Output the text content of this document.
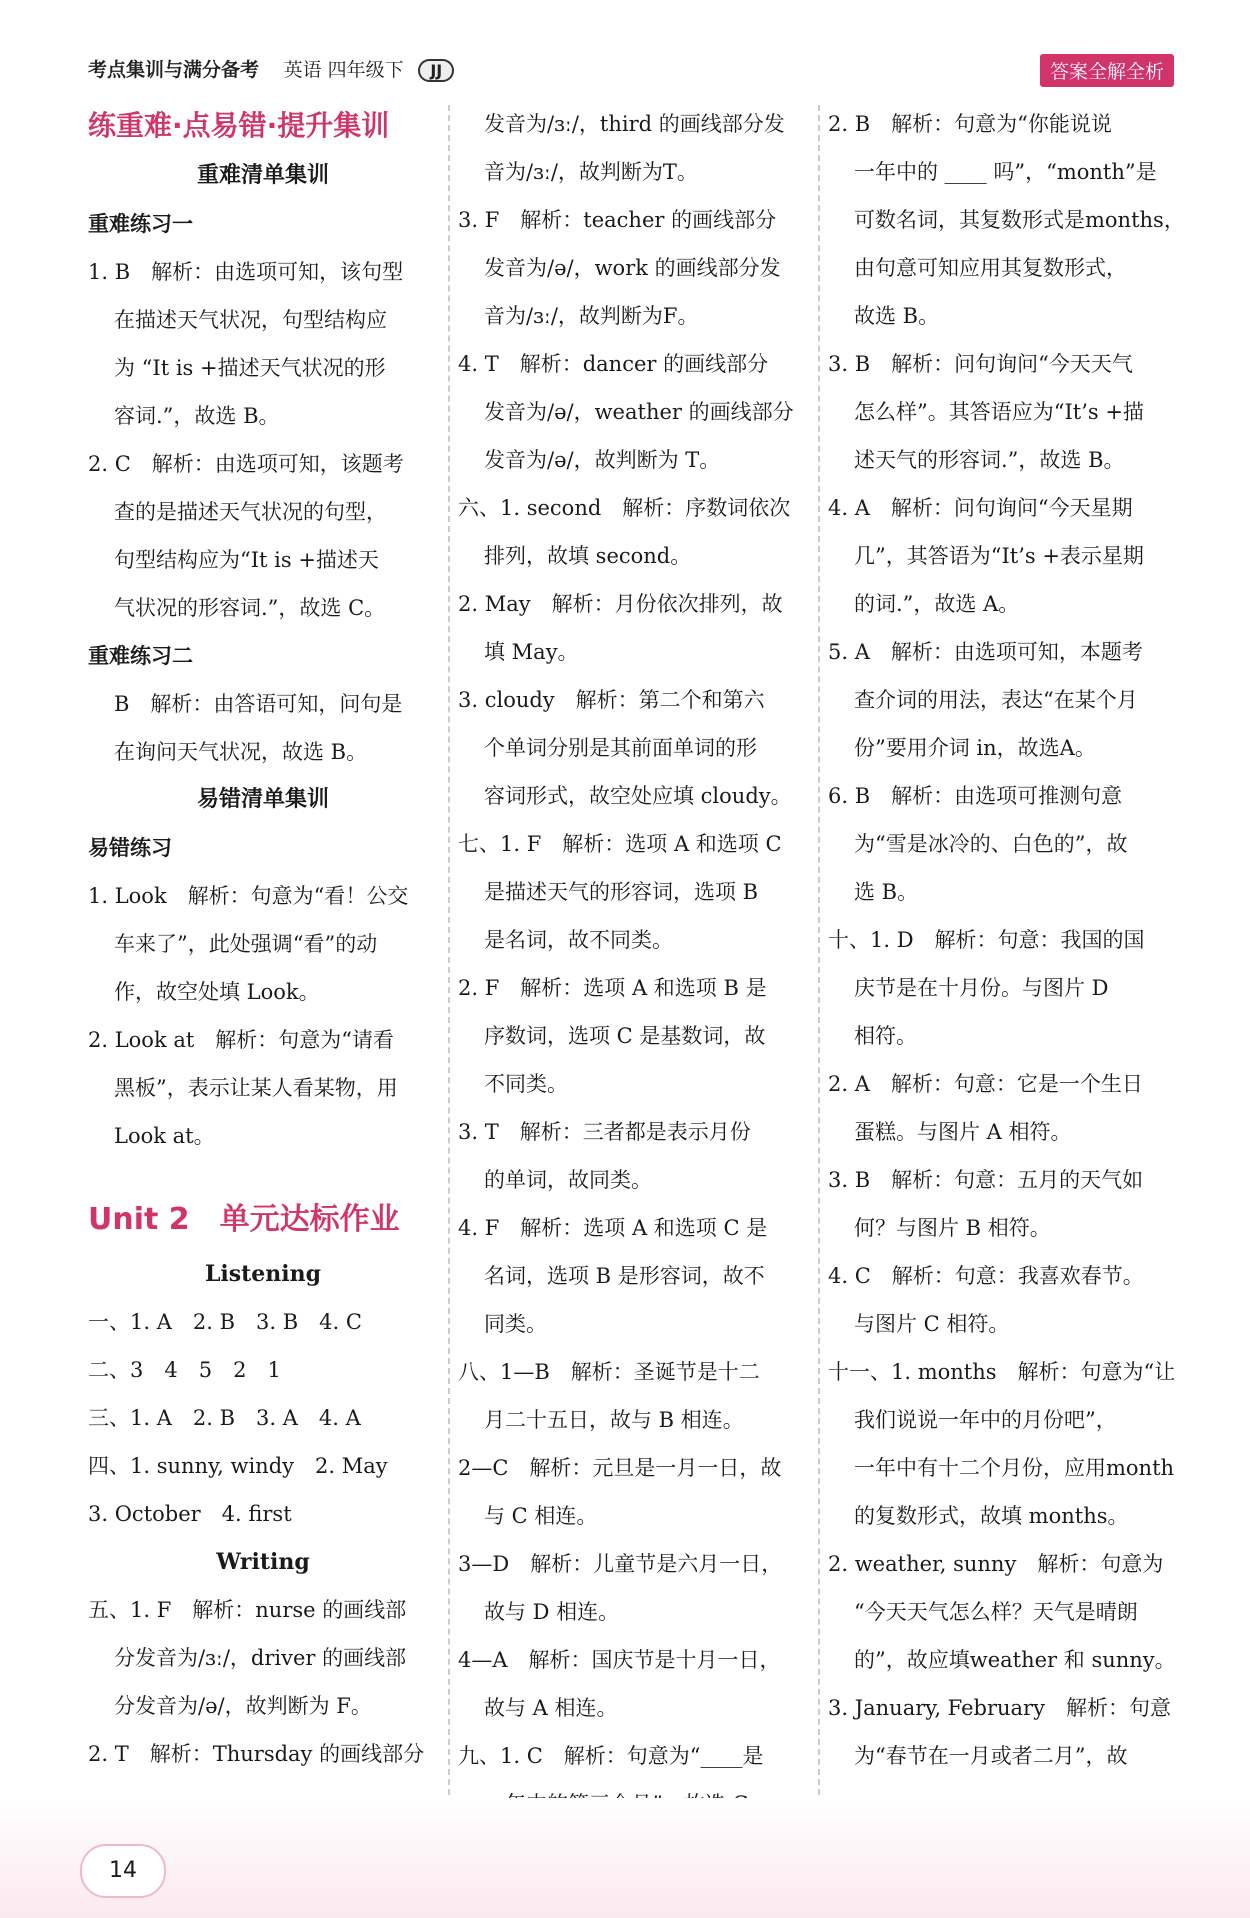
考点集训与满分备考 英语 四年级下 JJ	答案全解全析
练重难·点易错·提升集训
重难清单集训
重难练习一
1. B　解析：由选项可知，该句型
在描述天气状况，句型结构应
为 “It is +描述天气状况的形
容词.”，故选 B。
2. C　解析：由选项可知，该题考
查的是描述天气状况的句型，
句型结构应为“It is +描述天
气状况的形容词.”，故选 C。
重难练习二
B　解析：由答语可知，问句是
在询问天气状况，故选 B。
易错清单集训
易错练习
1. Look　解析：句意为“看！公交
车来了”，此处强调“看”的动
作，故空处填 Look。
2. Look at　解析：句意为“请看
黑板”，表示让某人看某物，用
Look at。
Unit 2　单元达标作业
Listening
一、1. A　2. B　3. B　4. C
二、3　4　5　2　1
三、1. A　2. B　3. A　4. A
四、1. sunny, windy　2. May
3. October　4. first
Writing
五、1. F　解析：nurse 的画线部
分发音为/ɜː/，driver 的画线部
分发音为/ə/，故判断为 F。
2. T　解析：Thursday 的画线部分
发音为/ɜː/，third 的画线部分发
音为/ɜː/，故判断为T。
3. F　解析：teacher 的画线部分
发音为/ə/，work 的画线部分发
音为/ɜː/，故判断为F。
4. T　解析：dancer 的画线部分
发音为/ə/，weather 的画线部分
发音为/ə/，故判断为 T。
六、1. second　解析：序数词依次
排列，故填 second。
2. May　解析：月份依次排列，故
填 May。
3. cloudy　解析：第二个和第六
个单词分别是其前面单词的形
容词形式，故空处应填 cloudy。
七、1. F　解析：选项 A 和选项 C
是描述天气的形容词，选项 B
是名词，故不同类。
2. F　解析：选项 A 和选项 B 是
序数词，选项 C 是基数词，故
不同类。
3. T　解析：三者都是表示月份
的单词，故同类。
4. F　解析：选项 A 和选项 C 是
名词，选项 B 是形容词，故不
同类。
八、1—B　解析：圣诞节是十二
月二十五日，故与 B 相连。
2—C　解析：元旦是一月一日，故
与 C 相连。
3—D　解析：儿童节是六月一日，
故与 D 相连。
4—A　解析：国庆节是十月一日，
故与 A 相连。
九、1. C　解析：句意为“____是
2. B　解析：句意为“你能说说
一年中的 ____ 吗”，“month”是
可数名词，其复数形式是months，
由句意可知应用其复数形式，
故选 B。
3. B　解析：问句询问“今天天气
怎么样”。其答语应为“It’s +描
述天气的形容词.”，故选 B。
4. A　解析：问句询问“今天星期
几”，其答语为“It’s +表示星期
的词.”，故选 A。
5. A　解析：由选项可知，本题考
查介词的用法，表达“在某个月
份”要用介词 in，故选A。
6. B　解析：由选项可推测句意
为“雪是冰冷的、白色的”，故
选 B。
十、1. D　解析：句意：我国的国
庆节是在十月份。与图片 D
相符。
2. A　解析：句意：它是一个生日
蛋糕。与图片 A 相符。
3. B　解析：句意：五月的天气如
何？与图片 B 相符。
4. C　解析：句意：我喜欢春节。
与图片 C 相符。
十一、1. months　解析：句意为“让
我们说说一年中的月份吧”，
一年中有十二个月份，应用month
的复数形式，故填 months。
2. weather, sunny　解析：句意为
“今天天气怎么样？天气是晴朗
的”，故应填weather 和 sunny。
3. January, February　解析：句意
为“春节在一月或者二月”，故
14
